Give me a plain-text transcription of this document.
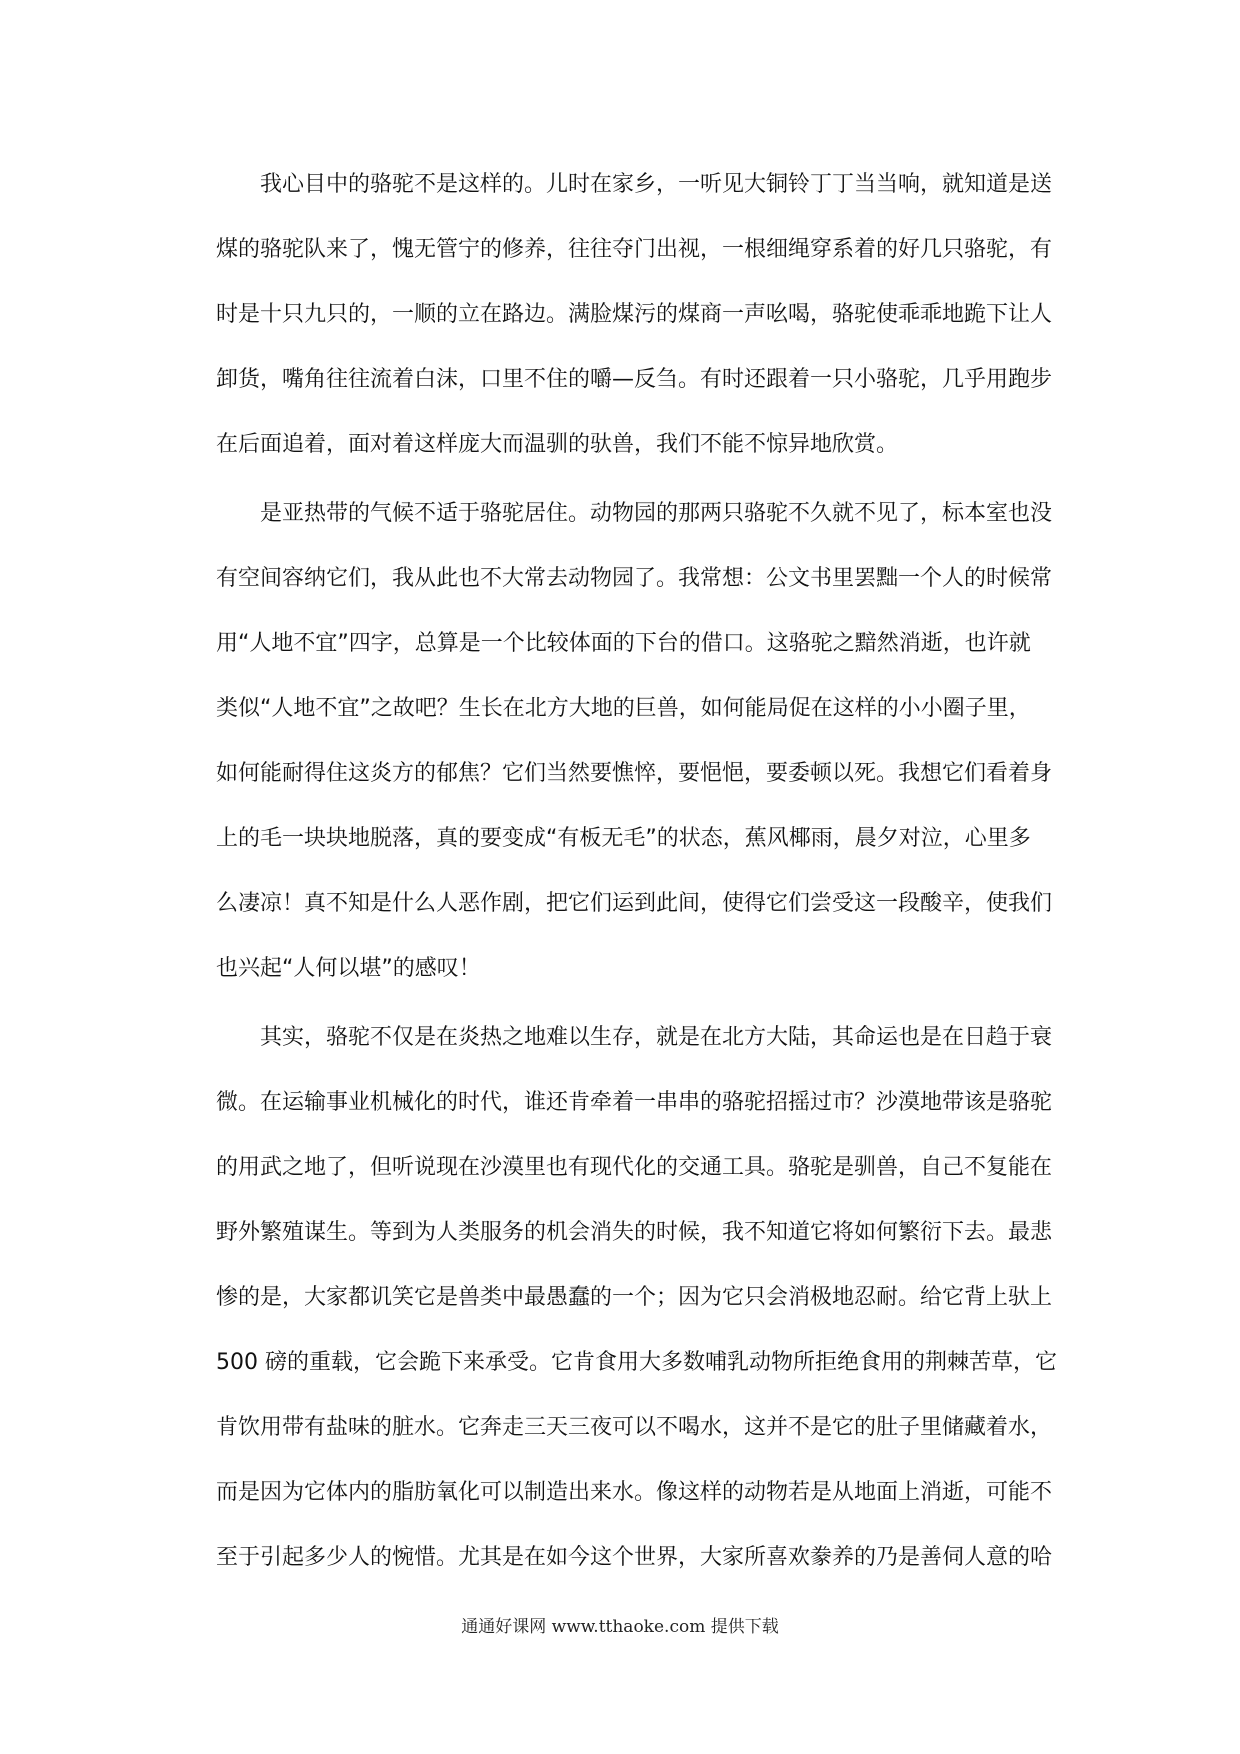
我心目中的骆驼不是这样的。儿时在家乡，一听见大铜铃丁丁当当响，就知道是送
煤的骆驼队来了，愧无管宁的修养，往往夺门出视，一根细绳穿系着的好几只骆驼，有
时是十只九只的，一顺的立在路边。满脸煤污的煤商一声吆喝，骆驼使乖乖地跪下让人
卸货，嘴角往往流着白沫，口里不住的嚼—反刍。有时还跟着一只小骆驼，几乎用跑步
在后面追着，面对着这样庞大而温驯的驮兽，我们不能不惊异地欣赏。

是亚热带的气候不适于骆驼居住。动物园的那两只骆驼不久就不见了，标本室也没
有空间容纳它们，我从此也不大常去动物园了。我常想：公文书里罢黜一个人的时候常
用“人地不宜”四字，总算是一个比较体面的下台的借口。这骆驼之黯然消逝，也许就
类似“人地不宜”之故吧？生长在北方大地的巨兽，如何能局促在这样的小小圈子里，
如何能耐得住这炎方的郁焦？它们当然要憔悴，要悒悒，要委顿以死。我想它们看着身
上的毛一块块地脱落，真的要变成“有板无毛”的状态，蕉风椰雨，晨夕对泣，心里多
么凄凉！真不知是什么人恶作剧，把它们运到此间，使得它们尝受这一段酸辛，使我们
也兴起“人何以堪”的感叹！

其实，骆驼不仅是在炎热之地难以生存，就是在北方大陆，其命运也是在日趋于衰
微。在运输事业机械化的时代，谁还肯牵着一串串的骆驼招摇过市？沙漠地带该是骆驼
的用武之地了，但听说现在沙漠里也有现代化的交通工具。骆驼是驯兽，自己不复能在
野外繁殖谋生。等到为人类服务的机会消失的时候，我不知道它将如何繁衍下去。最悲
惨的是，大家都讥笑它是兽类中最愚蠢的一个；因为它只会消极地忍耐。给它背上驮上
500 磅的重载，它会跪下来承受。它肯食用大多数哺乳动物所拒绝食用的荆棘苦草，它
肯饮用带有盐味的脏水。它奔走三天三夜可以不喝水，这并不是它的肚子里储藏着水，
而是因为它体内的脂肪氧化可以制造出来水。像这样的动物若是从地面上消逝，可能不
至于引起多少人的惋惜。尤其是在如今这个世界，大家所喜欢豢养的乃是善伺人意的哈

通通好课网 www.tthaoke.com 提供下载
